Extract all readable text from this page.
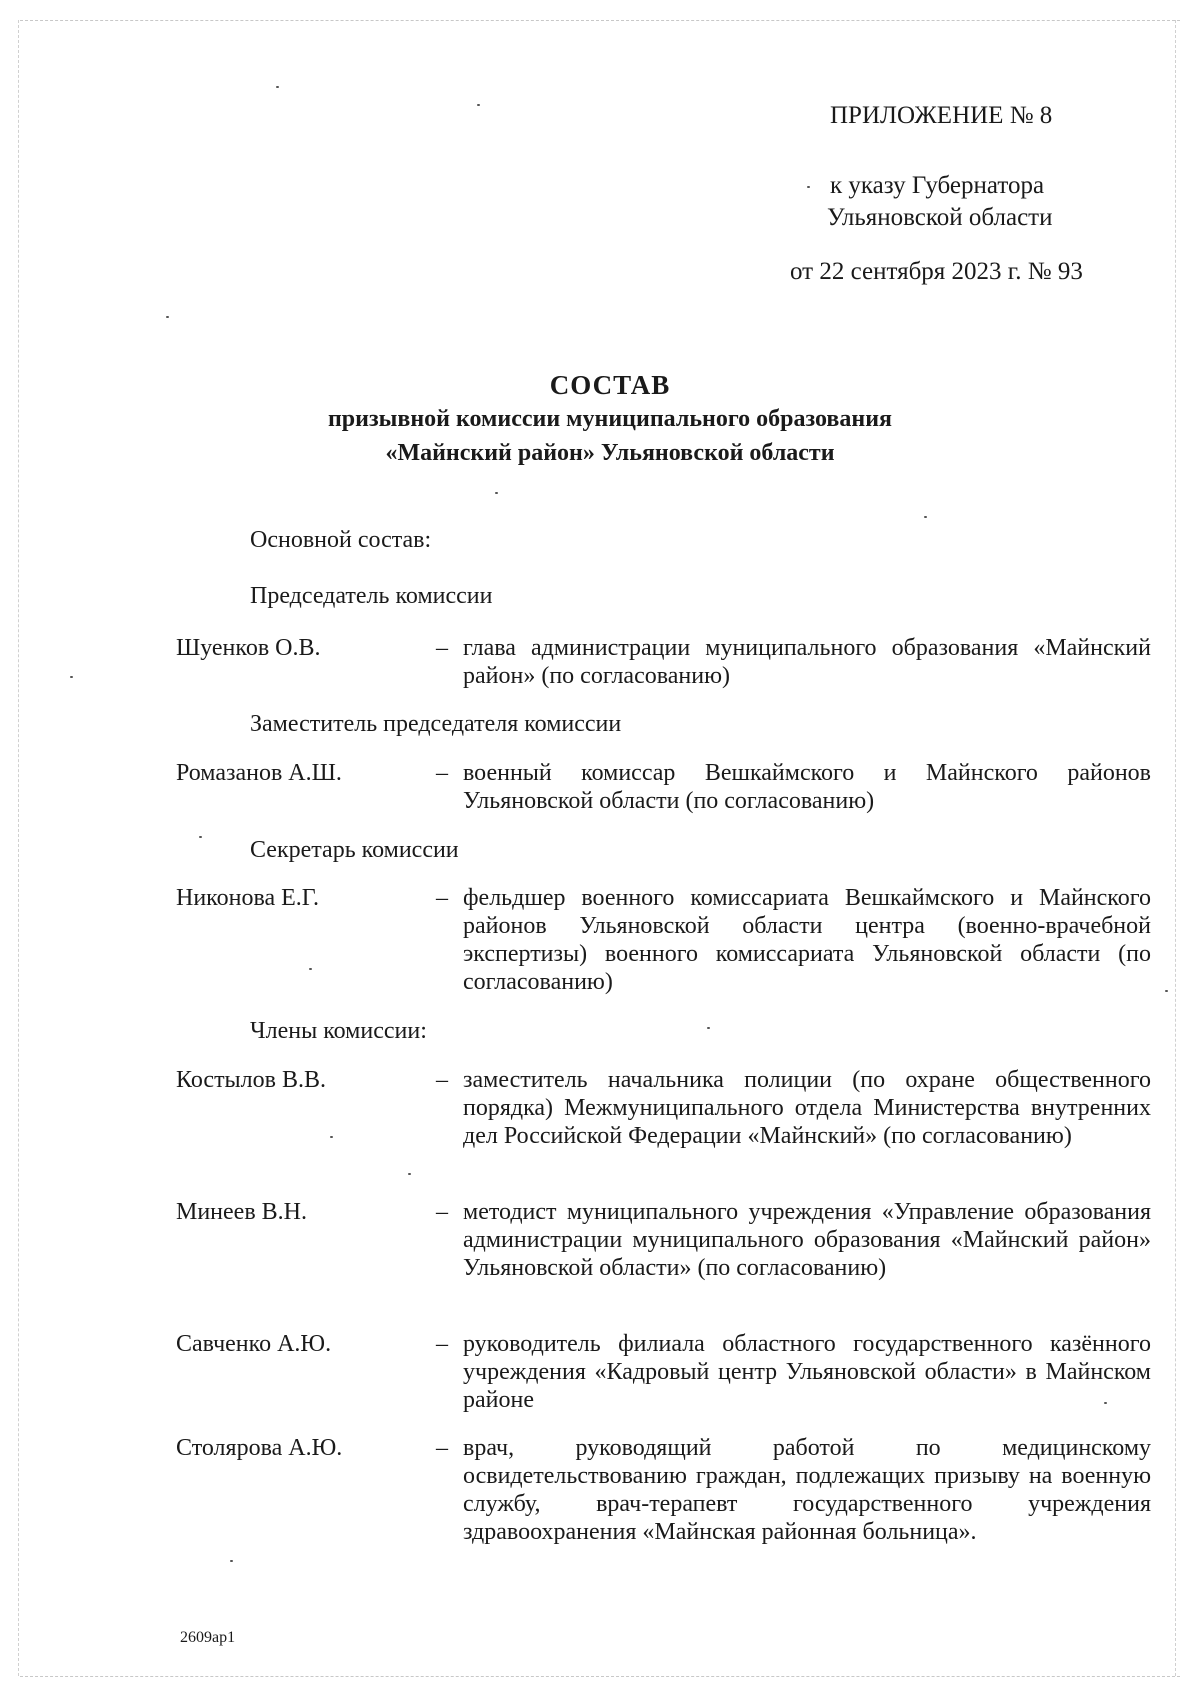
ПРИЛОЖЕНИЕ № 8
к указу Губернатора
Ульяновской области
от 22 сентября 2023 г. № 93
СОСТАВ
призывной комиссии муниципального образования
«Майнский район» Ульяновской области
Основной состав:
Председатель комиссии
Шуенков О.В.	– глава администрации муниципального образования «Майнский район» (по согласованию)
Заместитель председателя комиссии
Ромазанов А.Ш.	– военный комиссар Вешкаймского и Майнского районов Ульяновской области (по согласованию)
Секретарь комиссии
Никонова Е.Г.	– фельдшер военного комиссариата Вешкаймского и Майнского районов Ульяновской области центра (военно-врачебной экспертизы) военного комиссариата Ульяновской области (по согласованию)
Члены комиссии:
Костылов В.В.	– заместитель начальника полиции (по охране общественного порядка) Межмуниципального отдела Министерства внутренних дел Российской Федерации «Майнский» (по согласованию)
Минеев В.Н.	– методист муниципального учреждения «Управление образования администрации муниципального образования «Майнский район» Ульяновской области» (по согласованию)
Савченко А.Ю.	– руководитель филиала областного государственного казённого учреждения «Кадровый центр Ульяновской области» в Майнском районе
Столярова А.Ю.	– врач, руководящий работой по медицинскому освидетельствованию граждан, подлежащих призыву на военную службу, врач-терапевт государственного учреждения здравоохранения «Майнская районная больница».
2609ap1
